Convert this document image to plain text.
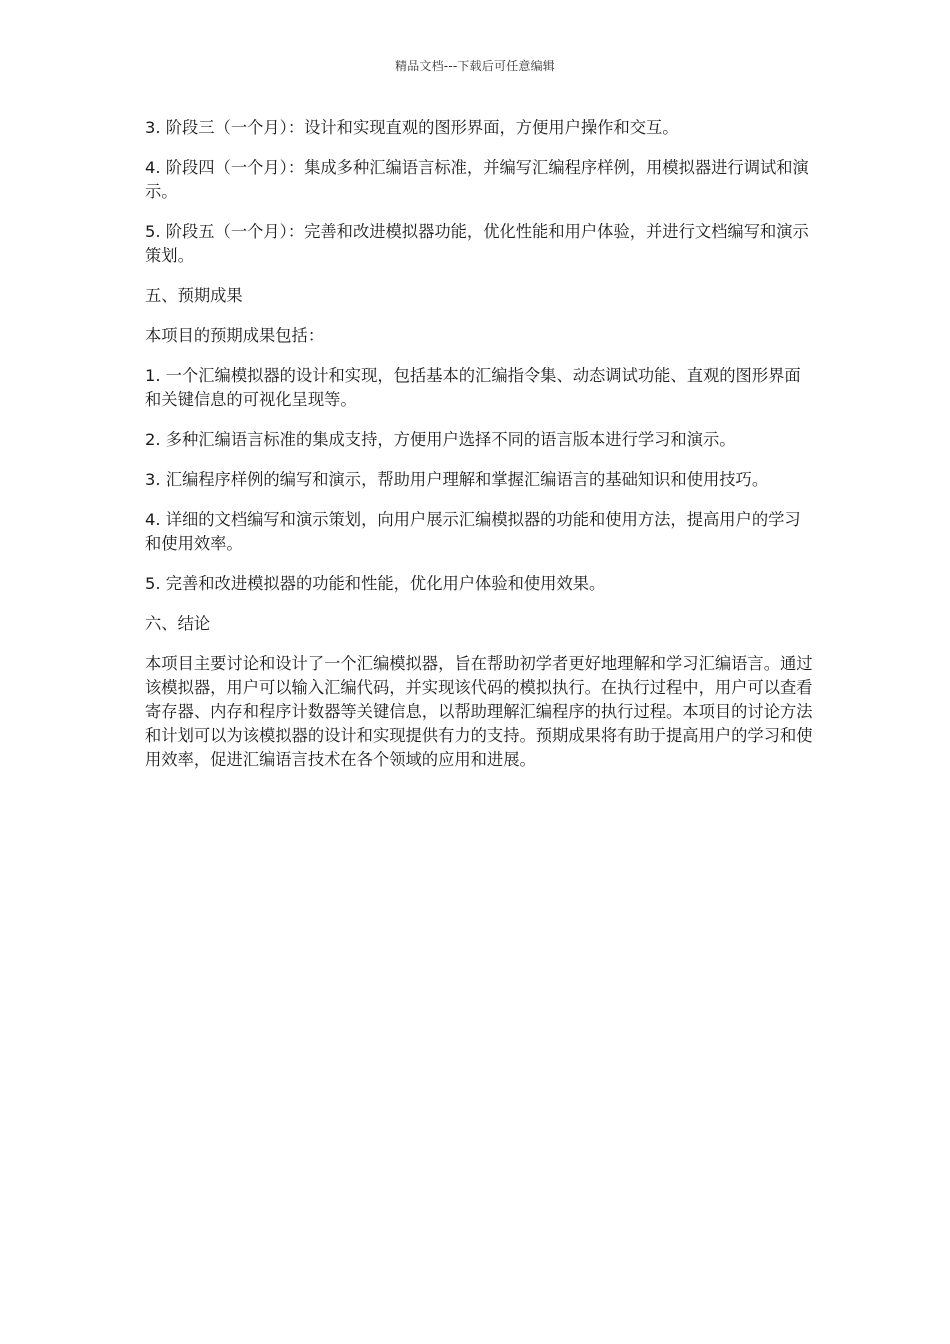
精品文档---下载后可任意编辑

3. 阶段三（一个月）：设计和实现直观的图形界面，方便用户操作和交互。

4. 阶段四（一个月）：集成多种汇编语言标准，并编写汇编程序样例，用模拟器进行调试和演示。

5. 阶段五（一个月）：完善和改进模拟器功能，优化性能和用户体验，并进行文档编写和演示策划。

五、预期成果

本项目的预期成果包括：

1. 一个汇编模拟器的设计和实现，包括基本的汇编指令集、动态调试功能、直观的图形界面和关键信息的可视化呈现等。

2. 多种汇编语言标准的集成支持，方便用户选择不同的语言版本进行学习和演示。

3. 汇编程序样例的编写和演示，帮助用户理解和掌握汇编语言的基础知识和使用技巧。

4. 详细的文档编写和演示策划，向用户展示汇编模拟器的功能和使用方法，提高用户的学习和使用效率。

5. 完善和改进模拟器的功能和性能，优化用户体验和使用效果。

六、结论

本项目主要讨论和设计了一个汇编模拟器，旨在帮助初学者更好地理解和学习汇编语言。通过该模拟器，用户可以输入汇编代码，并实现该代码的模拟执行。在执行过程中，用户可以查看寄存器、内存和程序计数器等关键信息，以帮助理解汇编程序的执行过程。本项目的讨论方法和计划可以为该模拟器的设计和实现提供有力的支持。预期成果将有助于提高用户的学习和使用效率，促进汇编语言技术在各个领域的应用和进展。
